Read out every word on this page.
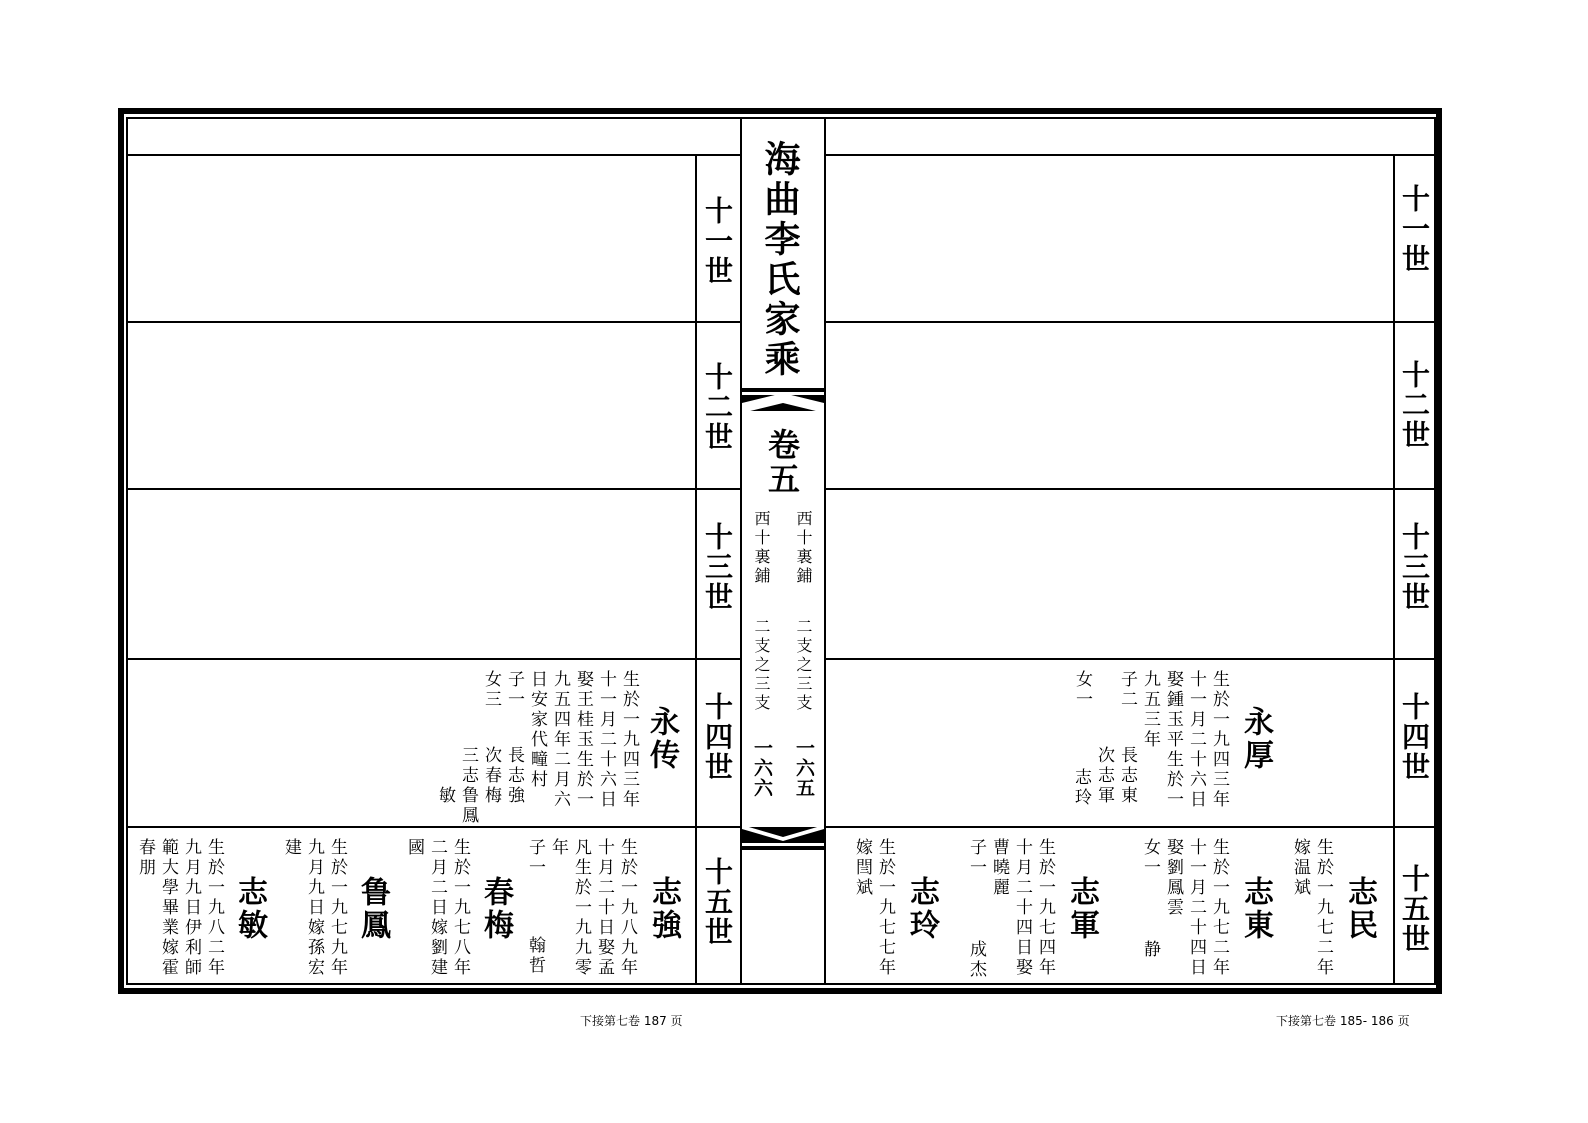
海曲李氏家乘
卷五
西十裏鋪
西十裏鋪
二支之三支
二支之三支
一六五
一六六
十一世
十二世
十三世
十四世
十五世
十一世
十二世
十三世
十四世
十五世
永传
生於一九四三年
十一月二十六日
娶王桂玉生於一
九五四年二月六
日安家代疃村
子一
女三
長志強
次春梅
三志鲁鳳
敏
志強
生於一九八九年
十月二十日娶孟
凡生於一九九零
年
子一
翰哲
春梅
生於一九七八年
二月二日嫁劉建
國
鲁鳳
生於一九七九年
九月九日嫁孫宏
建
志敏
生於一九八二年
九月九日伊利師
範大學畢業嫁霍
春朋
永厚
生於一九四三年
十一月二十六日
娶鍾玉平生於一
九五三年
子二
女一
長志東
次志軍
志玲
志民
生於一九七二年
嫁温斌
志東
生於一九七二年
十一月二十四日
娶劉鳳雲
女一
静
志軍
生於一九七四年
十月二十四日娶
曹曉麗
子一
成杰
志玲
生於一九七七年
嫁閆斌
下接第七卷 187 页	下接第七卷 185- 186 页
